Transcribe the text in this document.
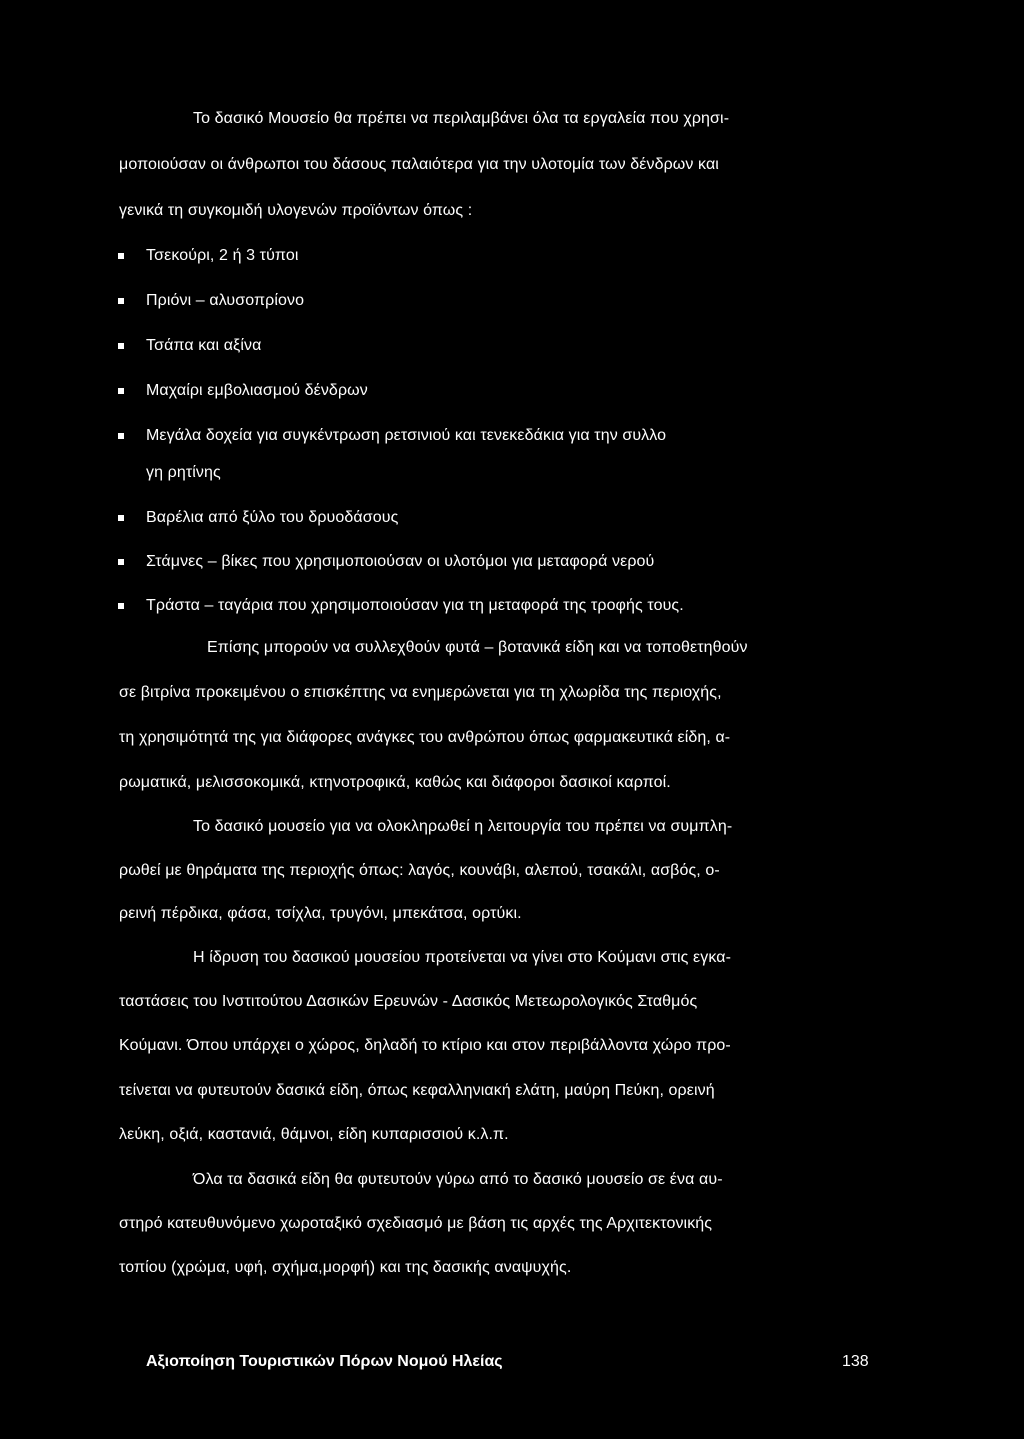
Το δασικό Μουσείο θα πρέπει να περιλαμβάνει όλα τα εργαλεία που χρησι-
μοποιούσαν οι άνθρωποι του δάσους παλαιότερα για την υλοτομία των δένδρων και
γενικά τη συγκομιδή υλογενών προϊόντων όπως :
Τσεκούρι, 2 ή 3 τύποι
Πριόνι – αλυσοπρίονο
Τσάπα και αξίνα
Μαχαίρι εμβολιασμού δένδρων
Μεγάλα δοχεία για συγκέντρωση ρετσινιού και τενεκεδάκια για την συλλο
γη ρητίνης
Βαρέλια από ξύλο του δρυοδάσους
Στάμνες – βίκες που χρησιμοποιούσαν οι υλοτόμοι για μεταφορά νερού
Τράστα – ταγάρια που χρησιμοποιούσαν για τη μεταφορά της τροφής τους.
Επίσης μπορούν να συλλεχθούν φυτά – βοτανικά είδη και να τοποθετηθούν
σε βιτρίνα προκειμένου ο επισκέπτης να ενημερώνεται για τη χλωρίδα της περιοχής,
τη χρησιμότητά της για διάφορες ανάγκες του ανθρώπου όπως φαρμακευτικά είδη, α-
ρωματικά, μελισσοκομικά, κτηνοτροφικά, καθώς και διάφοροι δασικοί καρποί.
Το δασικό μουσείο για να ολοκληρωθεί η λειτουργία του πρέπει να συμπλη-
ρωθεί με θηράματα της περιοχής όπως: λαγός, κουνάβι, αλεπού, τσακάλι, ασβός, ο-
ρεινή πέρδικα, φάσα, τσίχλα, τρυγόνι, μπεκάτσα, ορτύκι.
Η ίδρυση του δασικού μουσείου προτείνεται να γίνει στο Κούμανι στις εγκα-
ταστάσεις του Ινστιτούτου Δασικών Ερευνών - Δασικός Μετεωρολογικός Σταθμός
Κούμανι. Όπου υπάρχει ο χώρος, δηλαδή το κτίριο και στον περιβάλλοντα χώρο προ-
τείνεται να φυτευτούν δασικά είδη, όπως κεφαλληνιακή ελάτη, μαύρη Πεύκη, ορεινή
λεύκη, οξιά, καστανιά, θάμνοι, είδη κυπαρισσιού κ.λ.π.
Όλα τα δασικά είδη θα φυτευτούν γύρω από το δασικό μουσείο σε ένα αυ-
στηρό κατευθυνόμενο χωροταξικό σχεδιασμό με βάση τις αρχές της Αρχιτεκτονικής
τοπίου (χρώμα, υφή, σχήμα,μορφή) και της δασικής αναψυχής.
Αξιοποίηση Τουριστικών Πόρων Νομού Ηλείας	138
